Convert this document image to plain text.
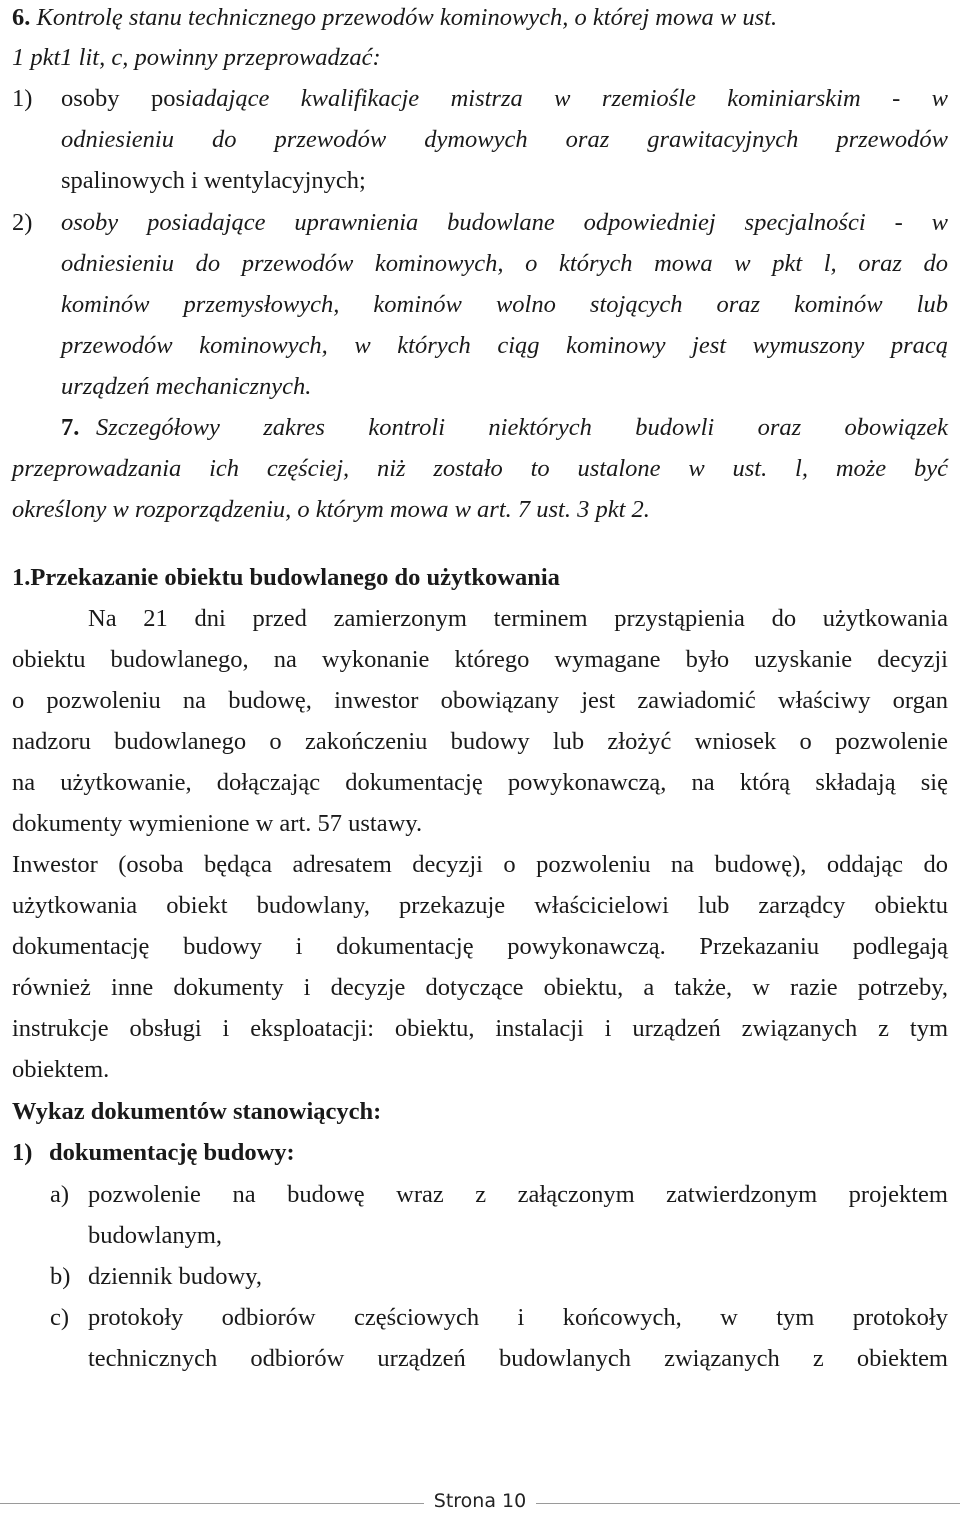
6. Kontrolę stanu technicznego przewodów kominowych, o której mowa w ust.
1 pkt1 lit, c, powinny przeprowadzać:
1) osoby posiadające kwalifikacje mistrza w rzemiośle kominiarskim - w
odniesieniu do przewodów dymowych oraz grawitacyjnych przewodów
spalinowych i wentylacyjnych;
2) osoby posiadające uprawnienia budowlane odpowiedniej specjalności - w
odniesieniu do przewodów kominowych, o których mowa w pkt l, oraz do
kominów przemysłowych, kominów wolno stojących oraz kominów lub
przewodów kominowych, w których ciąg kominowy jest wymuszony pracą
urządzeń mechanicznych.
7. Szczegółowy zakres kontroli niektórych budowli oraz obowiązek
przeprowadzania ich częściej, niż zostało to ustalone w ust. l, może być
określony w rozporządzeniu, o którym mowa w art. 7 ust. 3 pkt 2.
1.Przekazanie obiektu budowlanego do użytkowania
Na 21 dni przed zamierzonym terminem przystąpienia do użytkowania
obiektu budowlanego, na wykonanie którego wymagane było uzyskanie decyzji
o pozwoleniu na budowę, inwestor obowiązany jest zawiadomić właściwy organ
nadzoru budowlanego o zakończeniu budowy lub złożyć wniosek o pozwolenie
na użytkowanie, dołączając dokumentację powykonawczą, na którą składają się
dokumenty wymienione w art. 57 ustawy.
Inwestor (osoba będąca adresatem decyzji o pozwoleniu na budowę), oddając do
użytkowania obiekt budowlany, przekazuje właścicielowi lub zarządcy obiektu
dokumentację budowy i dokumentację powykonawczą. Przekazaniu podlegają
również inne dokumenty i decyzje dotyczące obiektu, a także, w razie potrzeby,
instrukcje obsługi i eksploatacji: obiektu, instalacji i urządzeń związanych z tym
obiektem.
Wykaz dokumentów stanowiących:
1) dokumentację budowy:
a) pozwolenie na budowę wraz z załączonym zatwierdzonym projektem
budowlanym,
b) dziennik budowy,
c) protokoły odbiorów częściowych i końcowych, w tym protokoły
technicznych odbiorów urządzeń budowlanych związanych z obiektem
Strona 10
